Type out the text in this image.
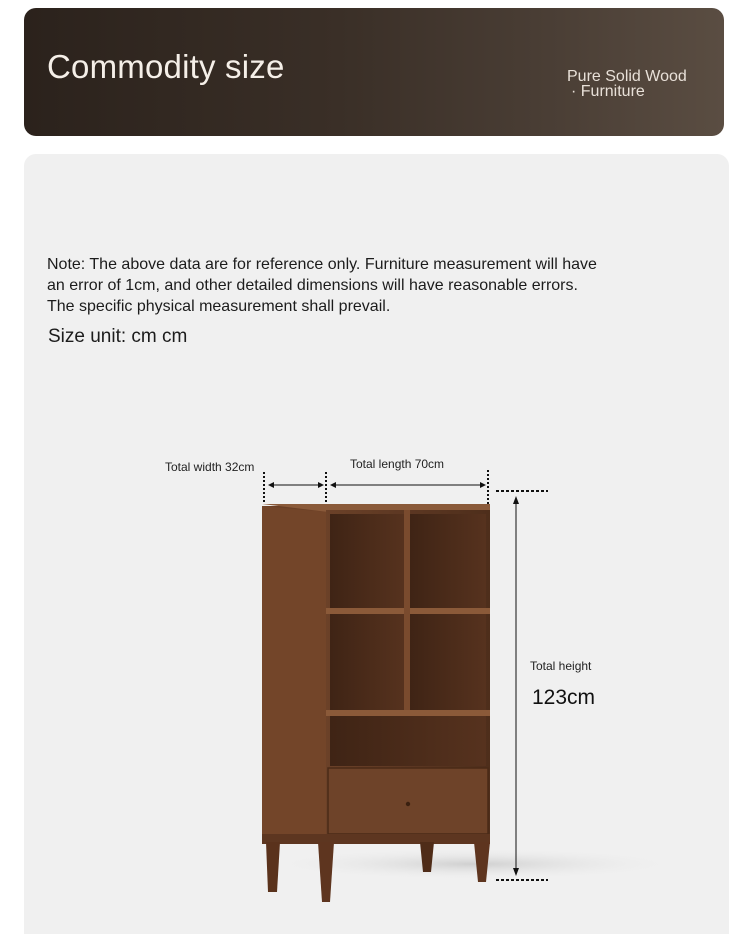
Commodity size	Pure Solid Wood
· Furniture
Note: The above data are for reference only. Furniture measurement will have an error of 1cm, and other detailed dimensions will have reasonable errors. The specific physical measurement shall prevail.
Size unit: cm cm
Total width 32cm	Total length 70cm
Total height
123cm
